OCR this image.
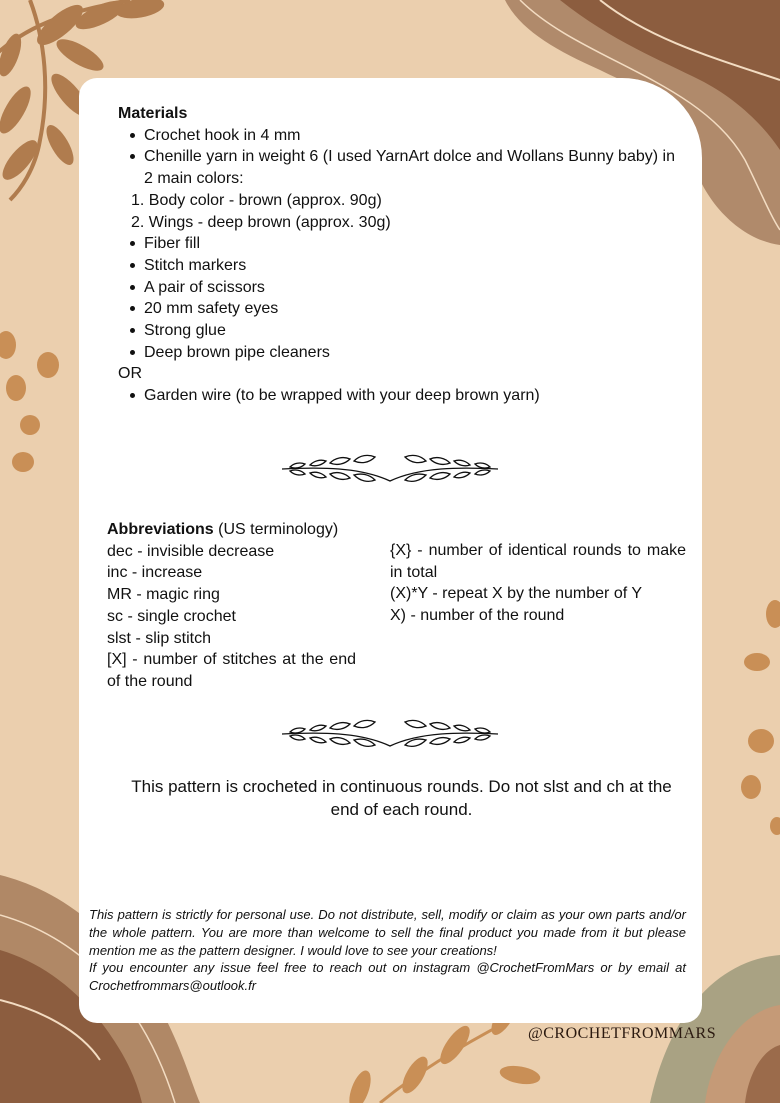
Materials
Crochet hook in 4 mm
Chenille yarn in weight 6 (I used YarnArt dolce and Wollans Bunny baby) in 2 main colors:
1. Body color - brown (approx. 90g)
2. Wings - deep brown (approx. 30g)
Fiber fill
Stitch markers
A pair of scissors
20 mm safety eyes
Strong glue
Deep brown pipe cleaners
OR
Garden wire (to be wrapped with your deep brown yarn)
Abbreviations (US terminology)
dec - invisible decrease
inc - increase
MR - magic ring
sc - single crochet
slst - slip stitch
[X] - number of stitches at the end of the round
{X} - number of identical rounds to make in total
(X)*Y - repeat X by the number of Y
X) - number of the round
This pattern is crocheted in continuous rounds. Do not slst and ch at the end of each round.
This pattern is strictly for personal use. Do not distribute, sell, modify or claim as your own parts and/or the whole pattern. You are more than welcome to sell the final product you made from it but please mention me as the pattern designer. I would love to see your creations!
If you encounter any issue feel free to reach out on instagram @CrochetFromMars or by email at Crochetfrommars@outlook.fr
@CROCHETFROMMARS
